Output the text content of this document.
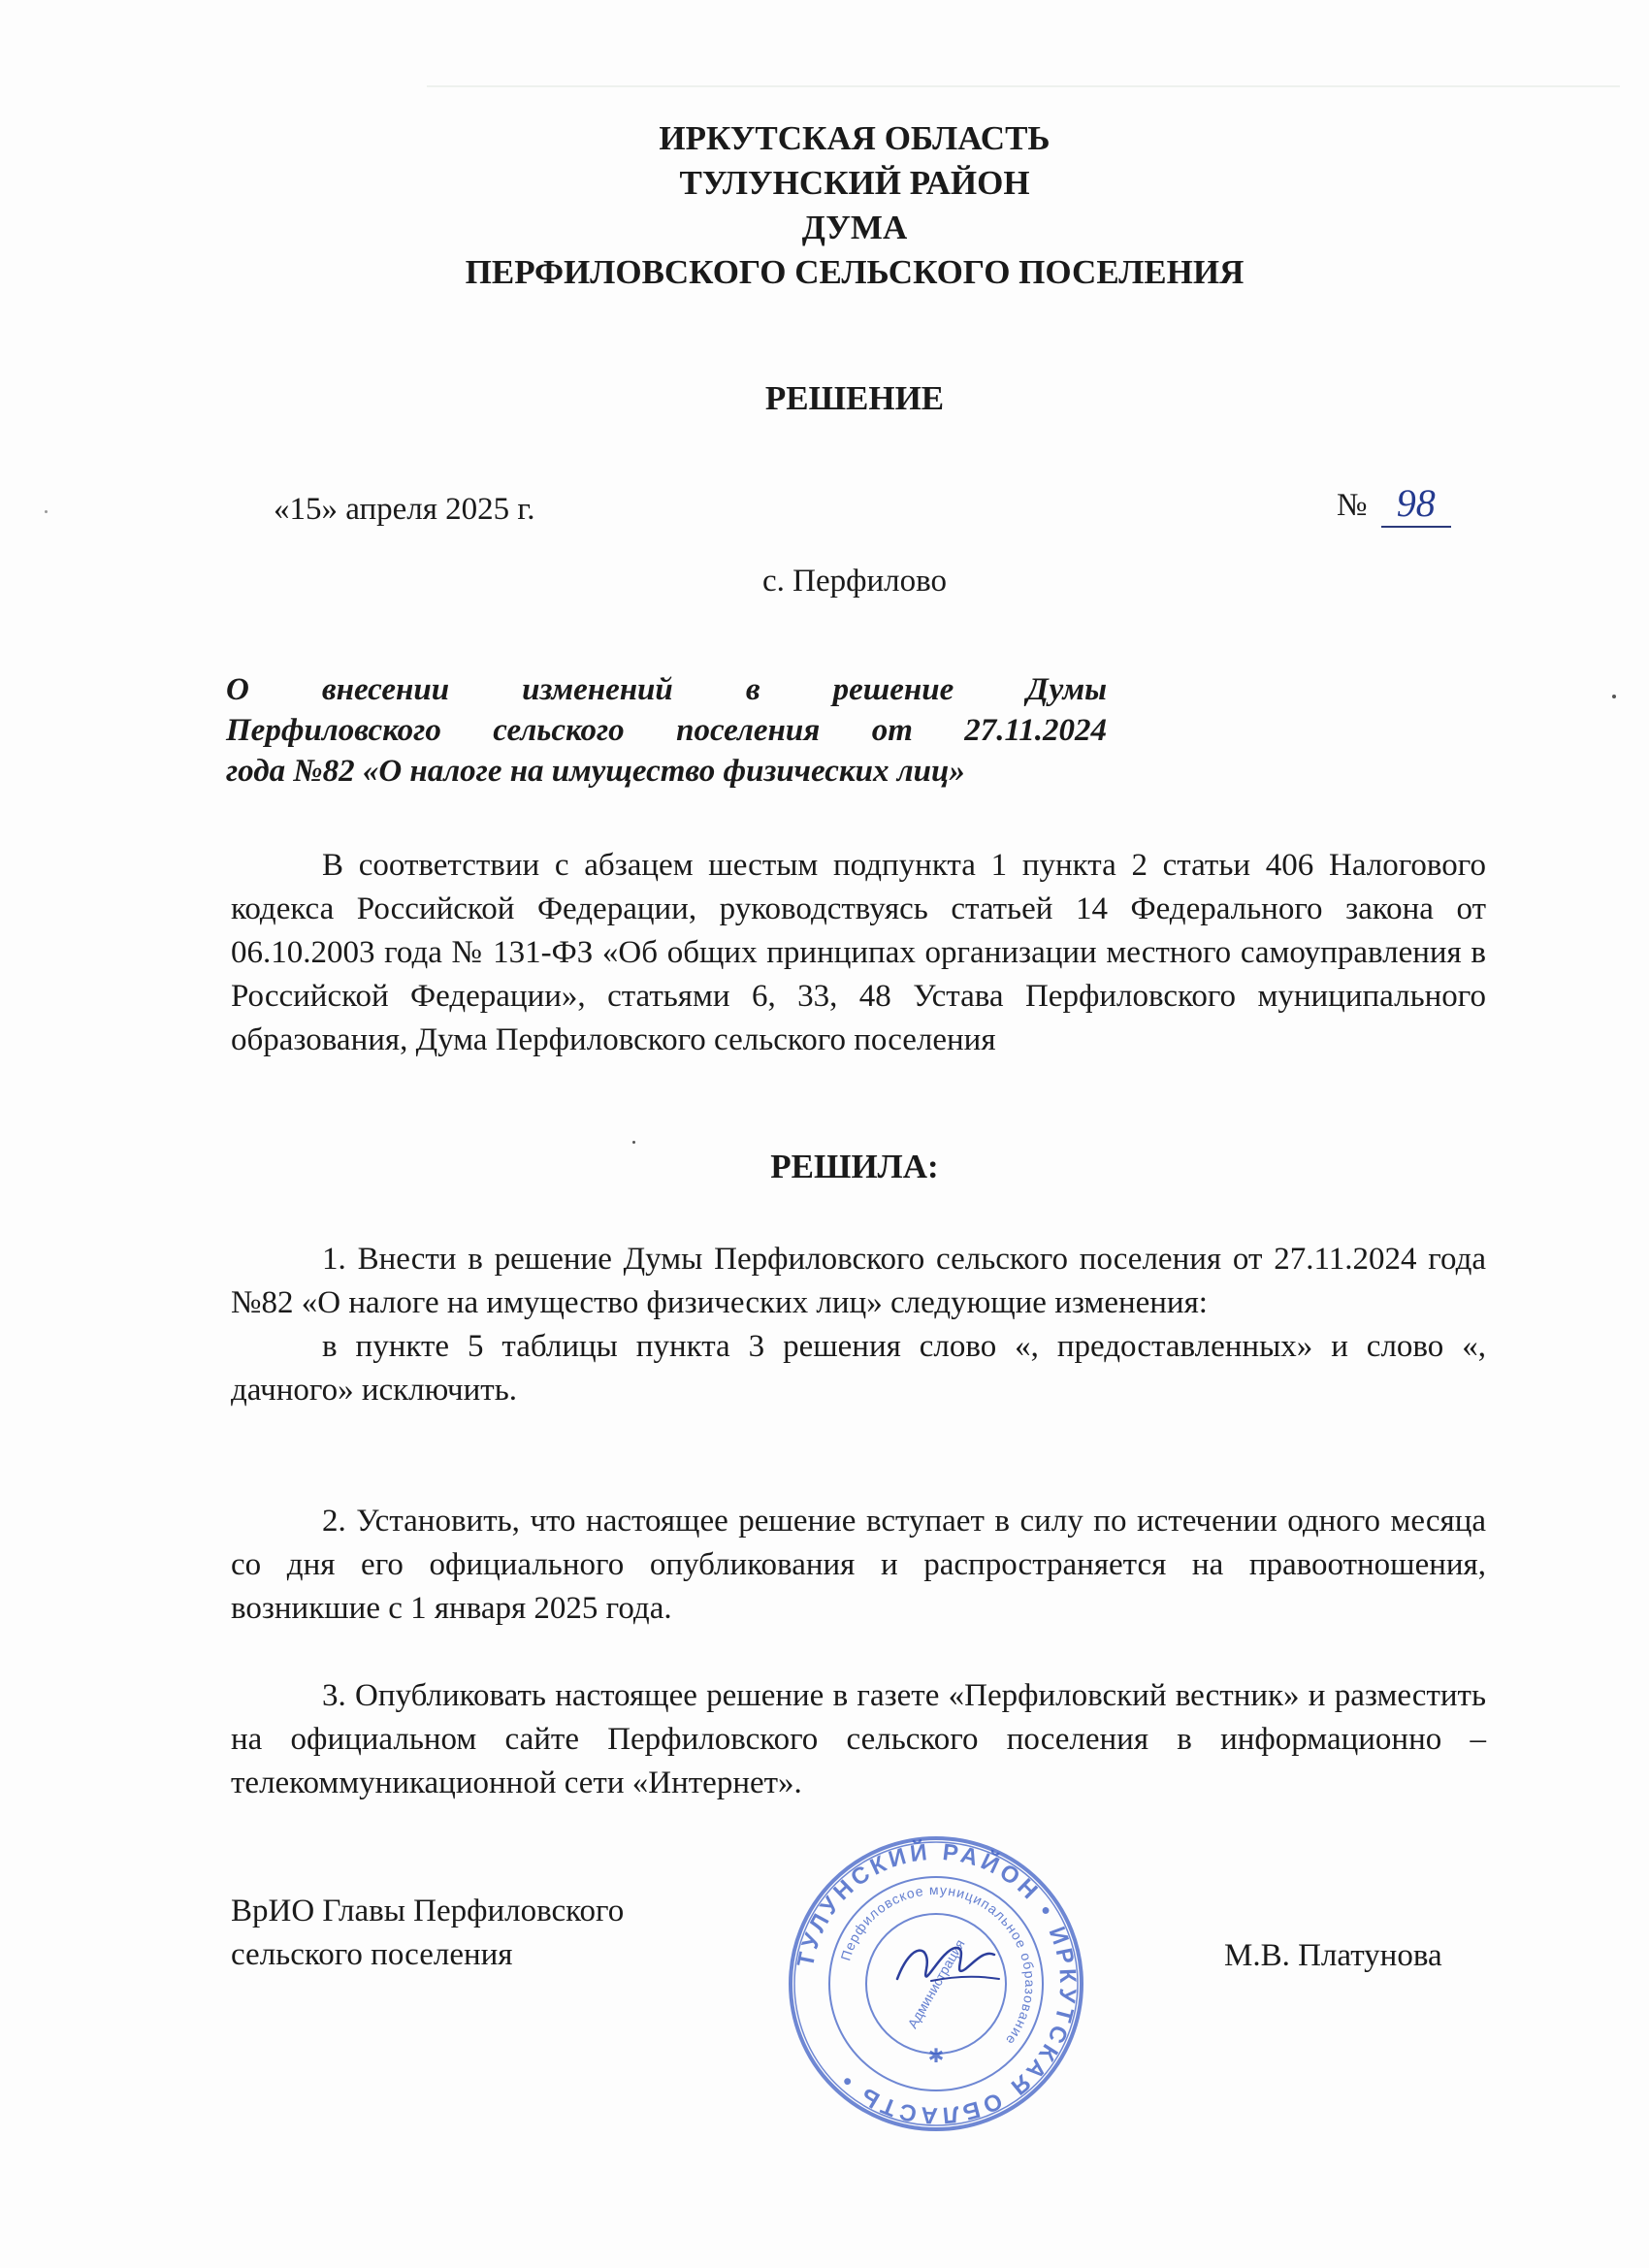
ИРКУТСКАЯ ОБЛАСТЬ
ТУЛУНСКИЙ РАЙОН
ДУМА
ПЕРФИЛОВСКОГО СЕЛЬСКОГО ПОСЕЛЕНИЯ
РЕШЕНИЕ
«15» апреля 2025 г.	№ 98
с. Перфилово
О внесении изменений в решение Думы
Перфиловского сельского поселения от 27.11.2024
года №82 «О налоге на имущество физических лиц»

В соответствии с абзацем шестым подпункта 1 пункта 2 статьи 406 Налогового кодекса Российской Федерации, руководствуясь статьей 14 Федерального закона от 06.10.2003 года № 131-ФЗ «Об общих принципах организации местного самоуправления в Российской Федерации», статьями 6, 33, 48 Устава Перфиловского муниципального образования, Дума Перфиловского сельского поселения

РЕШИЛА:

1. Внести в решение Думы Перфиловского сельского поселения от 27.11.2024 года №82 «О налоге на имущество физических лиц» следующие изменения:

в пункте 5 таблицы пункта 3 решения слово «, предоставленных» и слово «, дачного» исключить.

2. Установить, что настоящее решение вступает в силу по истечении одного месяца со дня его официального опубликования и распространяется на правоотношения, возникшие с 1 января 2025 года.

3. Опубликовать настоящее решение в газете «Перфиловский вестник» и разместить на официальном сайте Перфиловского сельского поселения в информационно – телекоммуникационной сети «Интернет».

ВрИО Главы Перфиловского
сельского поселения	М.В. Платунова
ТУЛУНСКИЙ РАЙОН • ИРКУТСКАЯ ОБЛАСТЬ •
Перфиловское муниципальное образование
Администрация
✱
